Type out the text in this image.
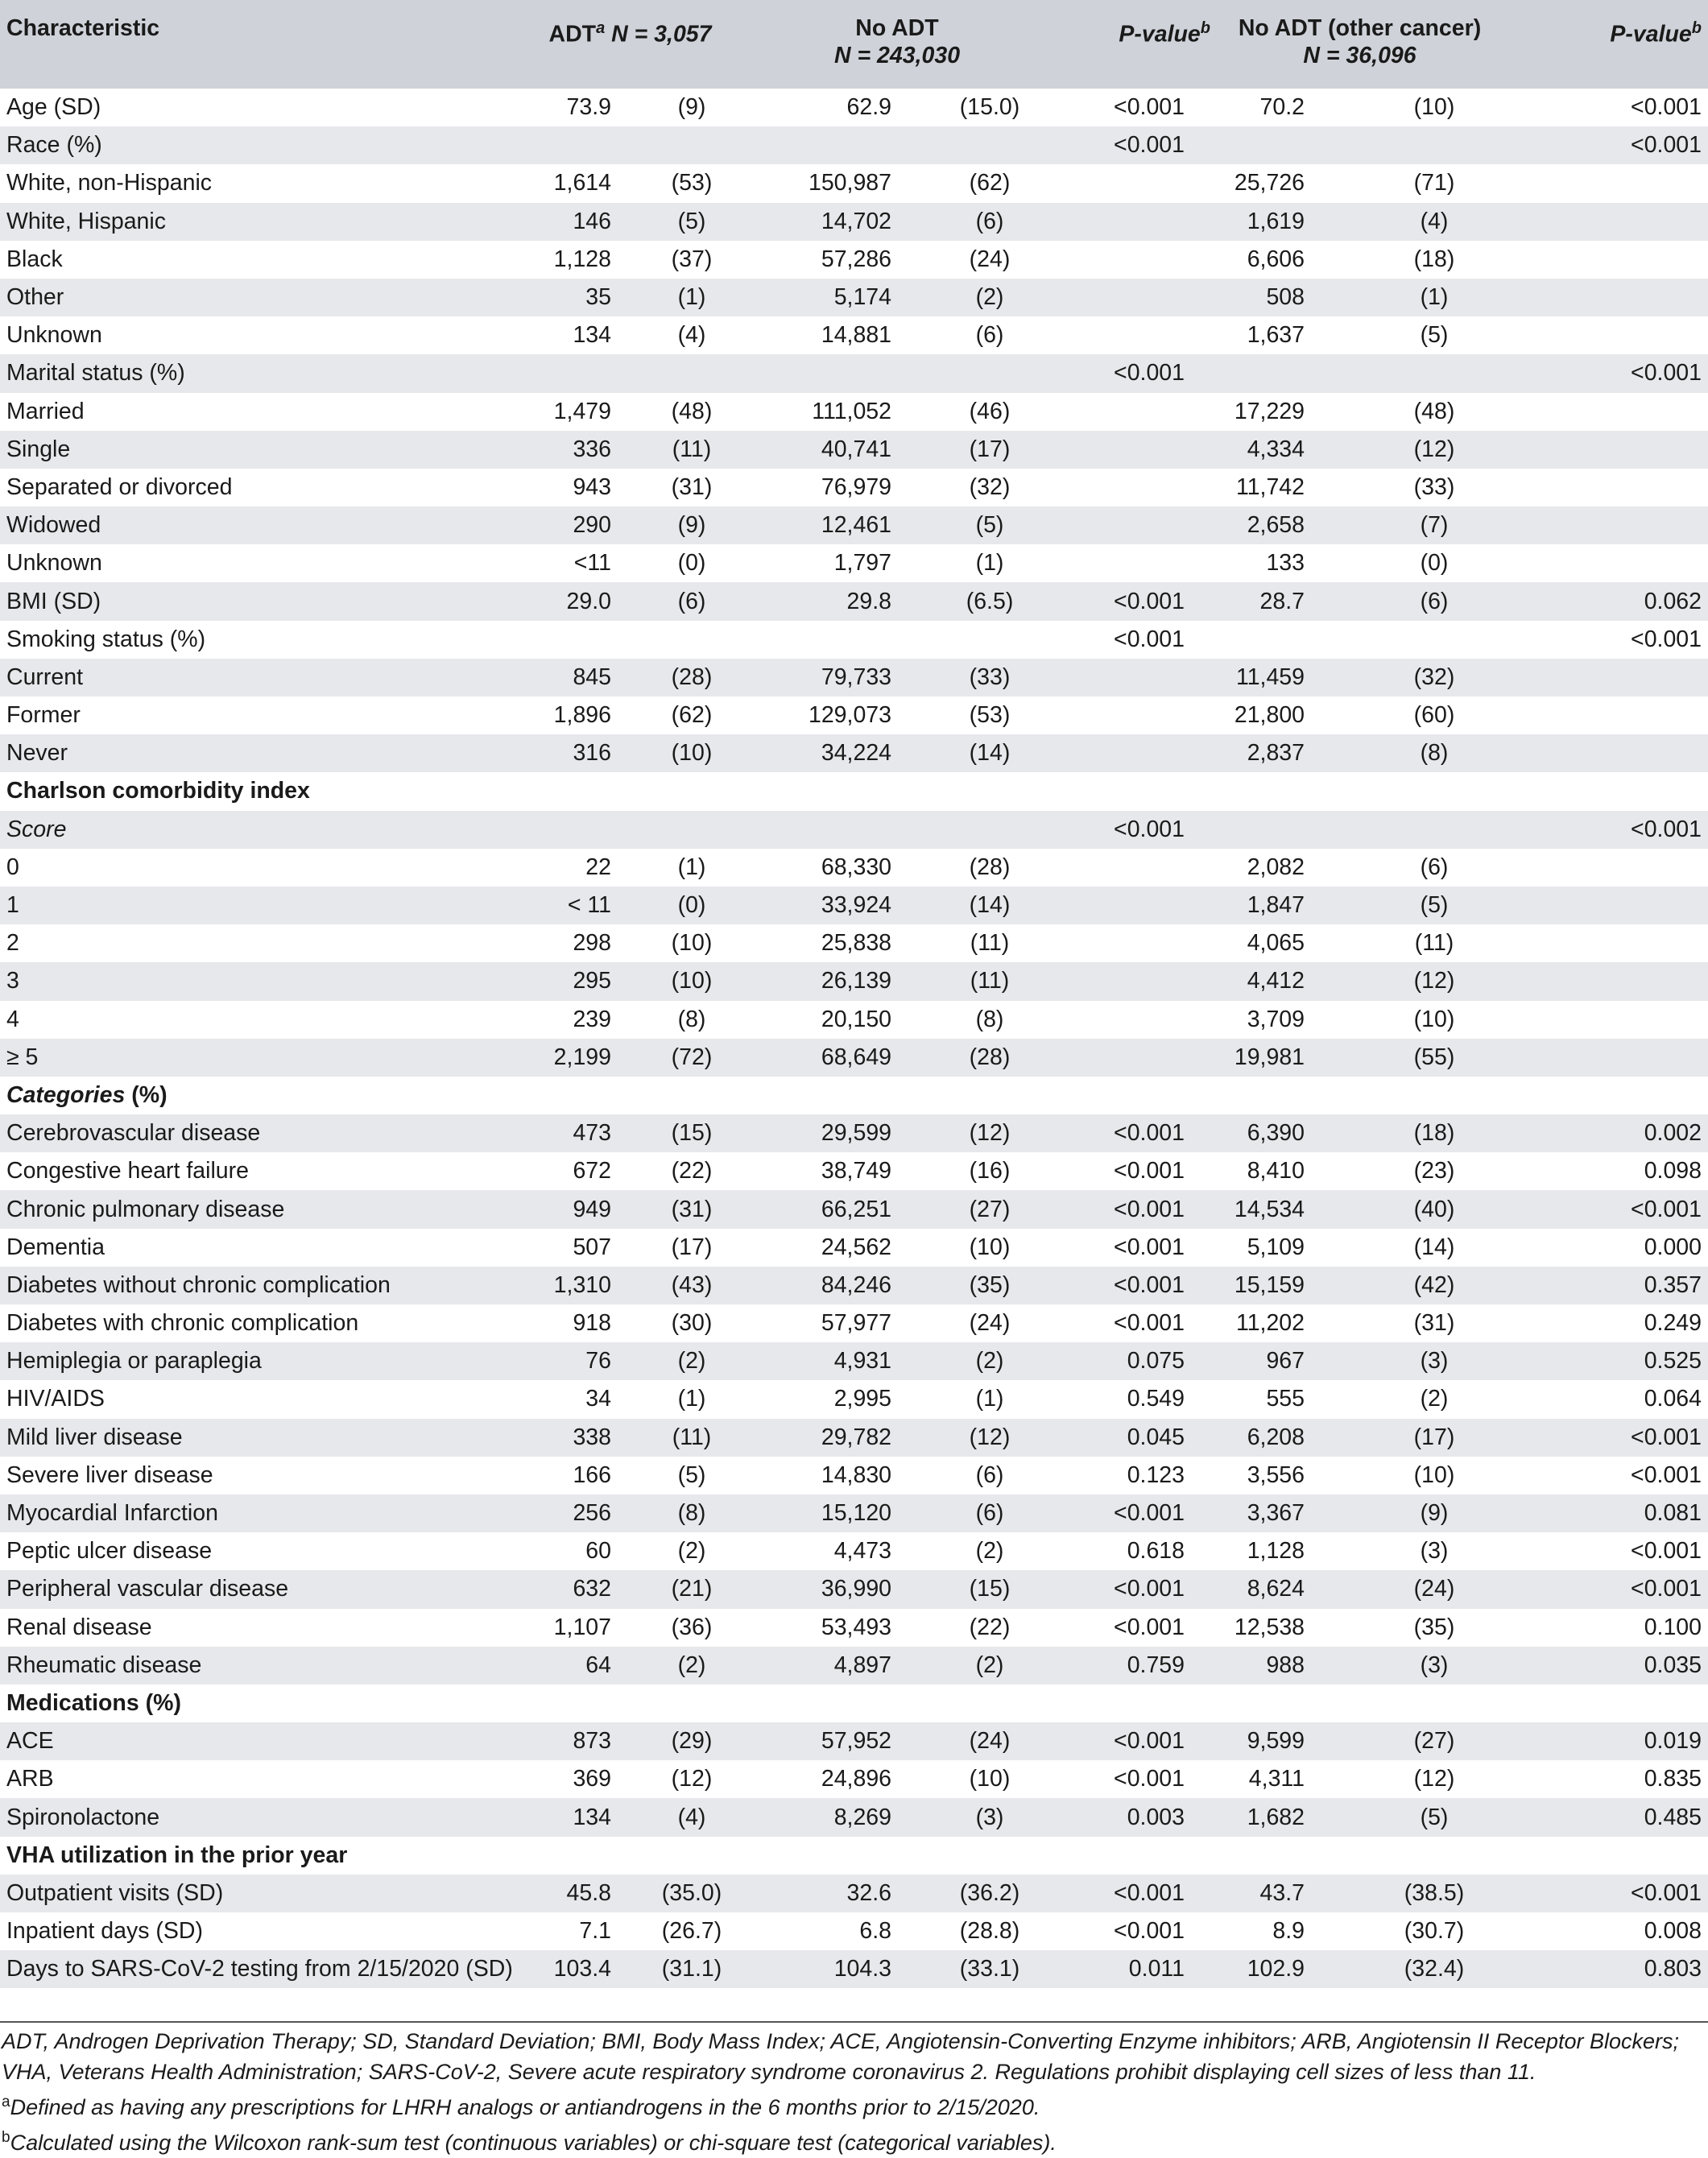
Characteristic	ADT$^a$ N = 3,057		No ADT
N = 243,030		P-value$^b$	No ADT (other cancer)
N = 36,096		P-value$^b$
Age (SD)	73.9	(9)	62.9	(15.0)	<0.001	70.2	(10)	<0.001
Race (%)					<0.001			<0.001
White, non-Hispanic	1,614	(53)	150,987	(62)		25,726	(71)	
White, Hispanic	146	(5)	14,702	(6)		1,619	(4)	
Black	1,128	(37)	57,286	(24)		6,606	(18)	
Other	35	(1)	5,174	(2)		508	(1)	
Unknown	134	(4)	14,881	(6)		1,637	(5)	
Marital status (%)					<0.001			<0.001
Married	1,479	(48)	111,052	(46)		17,229	(48)	
Single	336	(11)	40,741	(17)		4,334	(12)	
Separated or divorced	943	(31)	76,979	(32)		11,742	(33)	
Widowed	290	(9)	12,461	(5)		2,658	(7)	
Unknown	<11	(0)	1,797	(1)		133	(0)	
BMI (SD)	29.0	(6)	29.8	(6.5)	<0.001	28.7	(6)	0.062
Smoking status (%)					<0.001			<0.001
Current	845	(28)	79,733	(33)		11,459	(32)	
Former	1,896	(62)	129,073	(53)		21,800	(60)	
Never	316	(10)	34,224	(14)		2,837	(8)	
Charlson comorbidity index								
Score					<0.001			<0.001
0	22	(1)	68,330	(28)		2,082	(6)	
1	< 11	(0)	33,924	(14)		1,847	(5)	
2	298	(10)	25,838	(11)		4,065	(11)	
3	295	(10)	26,139	(11)		4,412	(12)	
4	239	(8)	20,150	(8)		3,709	(10)	
≥ 5	2,199	(72)	68,649	(28)		19,981	(55)	
Categories (%)								
Cerebrovascular disease	473	(15)	29,599	(12)	<0.001	6,390	(18)	0.002
Congestive heart failure	672	(22)	38,749	(16)	<0.001	8,410	(23)	0.098
Chronic pulmonary disease	949	(31)	66,251	(27)	<0.001	14,534	(40)	<0.001
Dementia	507	(17)	24,562	(10)	<0.001	5,109	(14)	0.000
Diabetes without chronic complication	1,310	(43)	84,246	(35)	<0.001	15,159	(42)	0.357
Diabetes with chronic complication	918	(30)	57,977	(24)	<0.001	11,202	(31)	0.249
Hemiplegia or paraplegia	76	(2)	4,931	(2)	0.075	967	(3)	0.525
HIV/AIDS	34	(1)	2,995	(1)	0.549	555	(2)	0.064
Mild liver disease	338	(11)	29,782	(12)	0.045	6,208	(17)	<0.001
Severe liver disease	166	(5)	14,830	(6)	0.123	3,556	(10)	<0.001
Myocardial Infarction	256	(8)	15,120	(6)	<0.001	3,367	(9)	0.081
Peptic ulcer disease	60	(2)	4,473	(2)	0.618	1,128	(3)	<0.001
Peripheral vascular disease	632	(21)	36,990	(15)	<0.001	8,624	(24)	<0.001
Renal disease	1,107	(36)	53,493	(22)	<0.001	12,538	(35)	0.100
Rheumatic disease	64	(2)	4,897	(2)	0.759	988	(3)	0.035
Medications (%)								
ACE	873	(29)	57,952	(24)	<0.001	9,599	(27)	0.019
ARB	369	(12)	24,896	(10)	<0.001	4,311	(12)	0.835
Spironolactone	134	(4)	8,269	(3)	0.003	1,682	(5)	0.485
VHA utilization in the prior year								
Outpatient visits (SD)	45.8	(35.0)	32.6	(36.2)	<0.001	43.7	(38.5)	<0.001
Inpatient days (SD)	7.1	(26.7)	6.8	(28.8)	<0.001	8.9	(30.7)	0.008
Days to SARS-CoV-2 testing from 2/15/2020 (SD)	103.4	(31.1)	104.3	(33.1)	0.011	102.9	(32.4)	0.803

ADT, Androgen Deprivation Therapy; SD, Standard Deviation; BMI, Body Mass Index; ACE, Angiotensin-Converting Enzyme inhibitors; ARB, Angiotensin II Receptor Blockers; VHA, Veterans Health Administration; SARS-CoV-2, Severe acute respiratory syndrome coronavirus 2. Regulations prohibit displaying cell sizes of less than 11.

$^a$Defined as having any prescriptions for LHRH analogs or antiandrogens in the 6 months prior to 2/15/2020.

$^b$Calculated using the Wilcoxon rank-sum test (continuous variables) or chi-square test (categorical variables).
